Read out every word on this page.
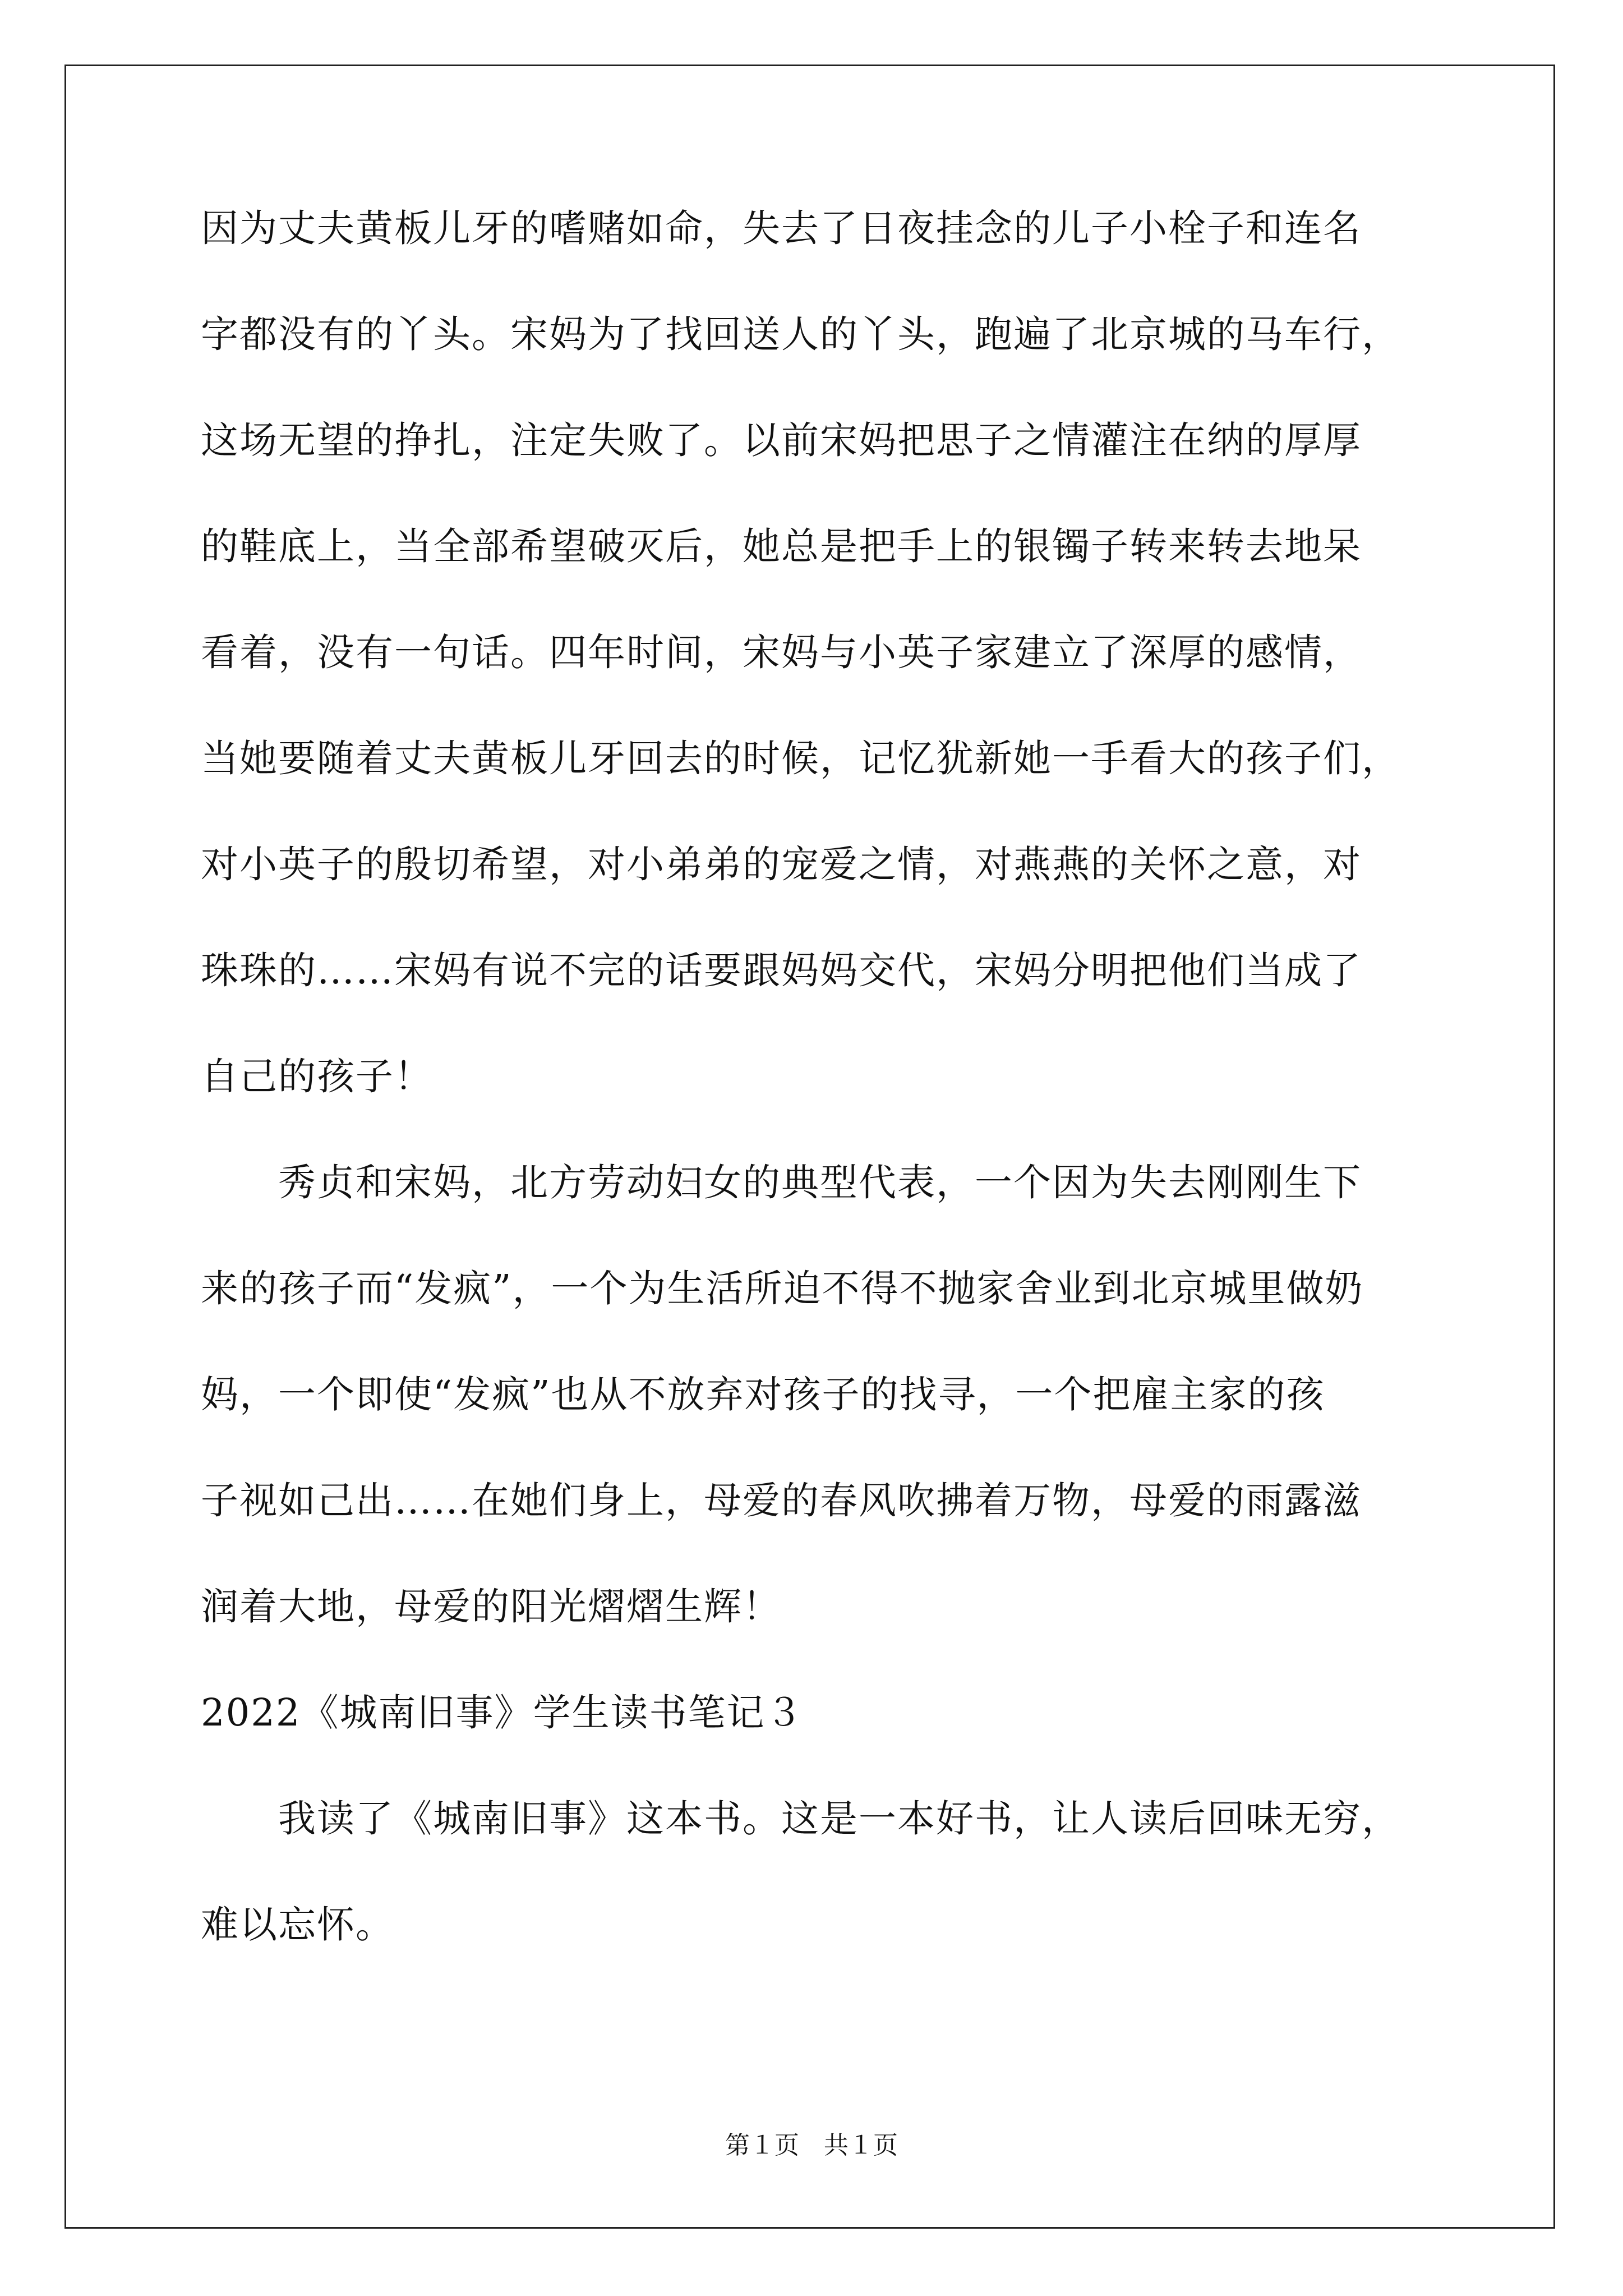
因为丈夫黄板儿牙的嗜赌如命，失去了日夜挂念的儿子小栓子和连名
字都没有的丫头。宋妈为了找回送人的丫头，跑遍了北京城的马车行，
这场无望的挣扎，注定失败了。以前宋妈把思子之情灌注在纳的厚厚
的鞋底上，当全部希望破灭后，她总是把手上的银镯子转来转去地呆
看着，没有一句话。四年时间，宋妈与小英子家建立了深厚的感情，
当她要随着丈夫黄板儿牙回去的时候，记忆犹新她一手看大的孩子们，
对小英子的殷切希望，对小弟弟的宠爱之情，对燕燕的关怀之意，对
珠珠的……宋妈有说不完的话要跟妈妈交代，宋妈分明把他们当成了
自己的孩子！
　　秀贞和宋妈，北方劳动妇女的典型代表，一个因为失去刚刚生下
来的孩子而“发疯”，一个为生活所迫不得不抛家舍业到北京城里做奶
妈，一个即使“发疯”也从不放弃对孩子的找寻，一个把雇主家的孩
子视如己出……在她们身上，母爱的春风吹拂着万物，母爱的雨露滋
润着大地，母爱的阳光熠熠生辉！
2022《城南旧事》学生读书笔记３
　　我读了《城南旧事》这本书。这是一本好书，让人读后回味无穷，
难以忘怀。
第１页　共１页
